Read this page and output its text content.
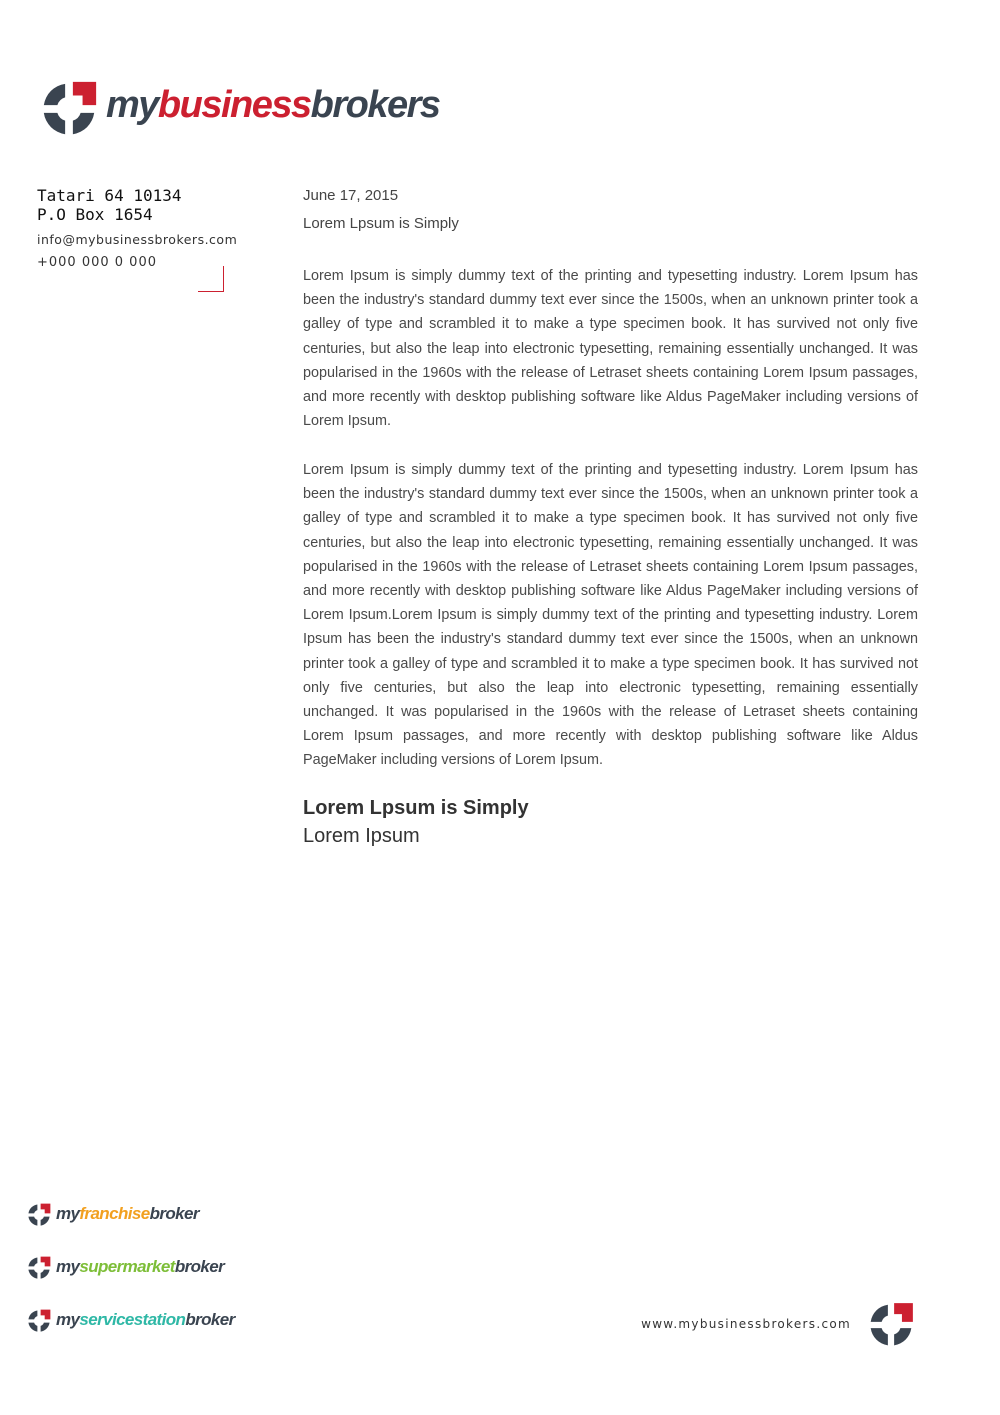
mybusinessbrokers
Tatari 64 10134
P.O Box 1654
info@mybusinessbrokers.com
+000 000 0 000
June 17, 2015
Lorem Lpsum is Simply

Lorem Ipsum is simply dummy text of the printing and typesetting industry. Lorem Ipsum has been the industry's standard dummy text ever since the 1500s, when an unknown printer took a galley of type and scrambled it to make a type specimen book. It has survived not only five centuries, but also the leap into electronic typesetting, remaining essentially unchanged. It was popularised in the 1960s with the release of Letraset sheets containing Lorem Ipsum passages, and more recently with desktop publishing software like Aldus PageMaker including versions of Lorem Ipsum.

Lorem Ipsum is simply dummy text of the printing and typesetting industry. Lorem Ipsum has been the industry's standard dummy text ever since the 1500s, when an unknown printer took a galley of type and scrambled it to make a type specimen book. It has survived not only five centuries, but also the leap into electronic typesetting, remaining essentially unchanged. It was popularised in the 1960s with the release of Letraset sheets containing Lorem Ipsum passages, and more recently with desktop publishing software like Aldus PageMaker including versions of Lorem Ipsum.Lorem Ipsum is simply dummy text of the printing and typesetting industry. Lorem Ipsum has been the industry's standard dummy text ever since the 1500s, when an unknown printer took a galley of type and scrambled it to make a type specimen book. It has survived not only five centuries, but also the leap into electronic typesetting, remaining essentially unchanged. It was popularised in the 1960s with the release of Letraset sheets containing Lorem Ipsum passages, and more recently with desktop publishing software like Aldus PageMaker including versions of Lorem Ipsum.

Lorem Lpsum is Simply
Lorem Ipsum
myfranchisebroker
mysupermarketbroker
myservicestationbroker	www.mybusinessbrokers.com
